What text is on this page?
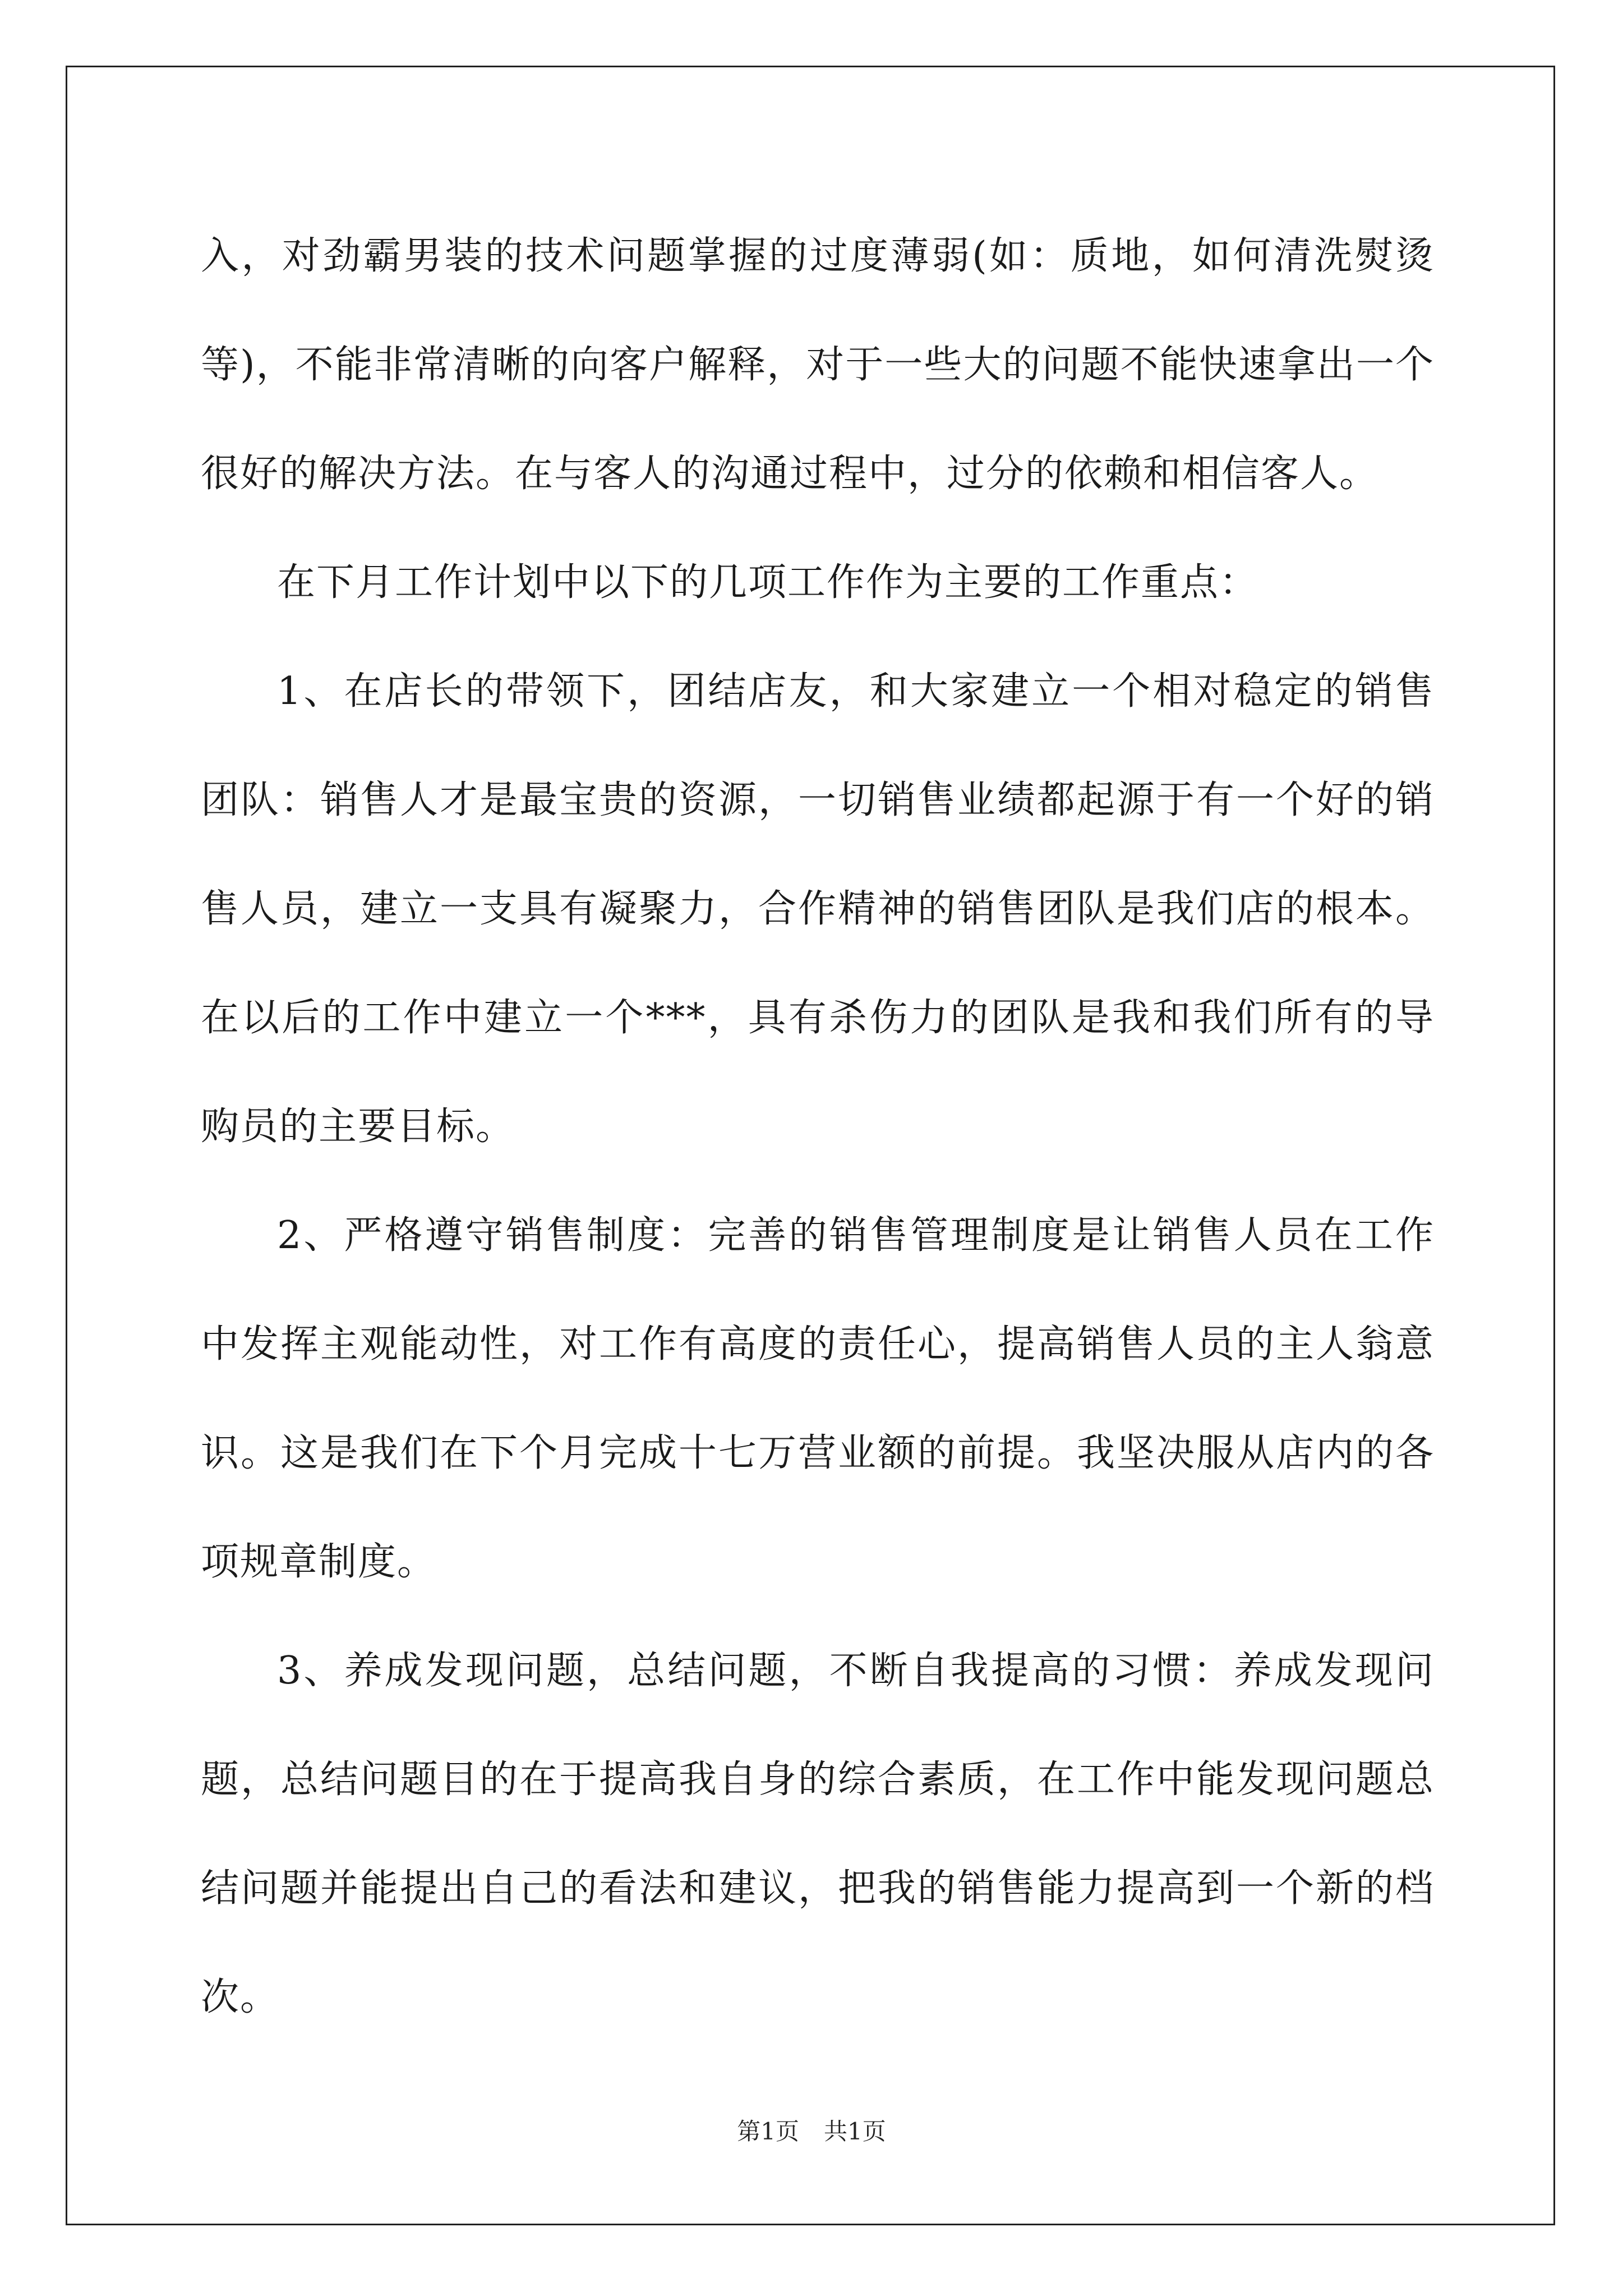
入，对劲霸男装的技术问题掌握的过度薄弱(如：质地，如何清洗熨烫等)，不能非常清晰的向客户解释，对于一些大的问题不能快速拿出一个很好的解决方法。在与客人的沟通过程中，过分的依赖和相信客人。

在下月工作计划中以下的几项工作作为主要的工作重点：

1、在店长的带领下，团结店友，和大家建立一个相对稳定的销售团队：销售人才是最宝贵的资源，一切销售业绩都起源于有一个好的销售人员，建立一支具有凝聚力，合作精神的销售团队是我们店的根本。在以后的工作中建立一个***，具有杀伤力的团队是我和我们所有的导购员的主要目标。

2、严格遵守销售制度：完善的销售管理制度是让销售人员在工作中发挥主观能动性，对工作有高度的责任心，提高销售人员的主人翁意识。这是我们在下个月完成十七万营业额的前提。我坚决服从店内的各项规章制度。

3、养成发现问题，总结问题，不断自我提高的习惯：养成发现问题，总结问题目的在于提高我自身的综合素质，在工作中能发现问题总结问题并能提出自己的看法和建议，把我的销售能力提高到一个新的档次。

第1页 共1页
